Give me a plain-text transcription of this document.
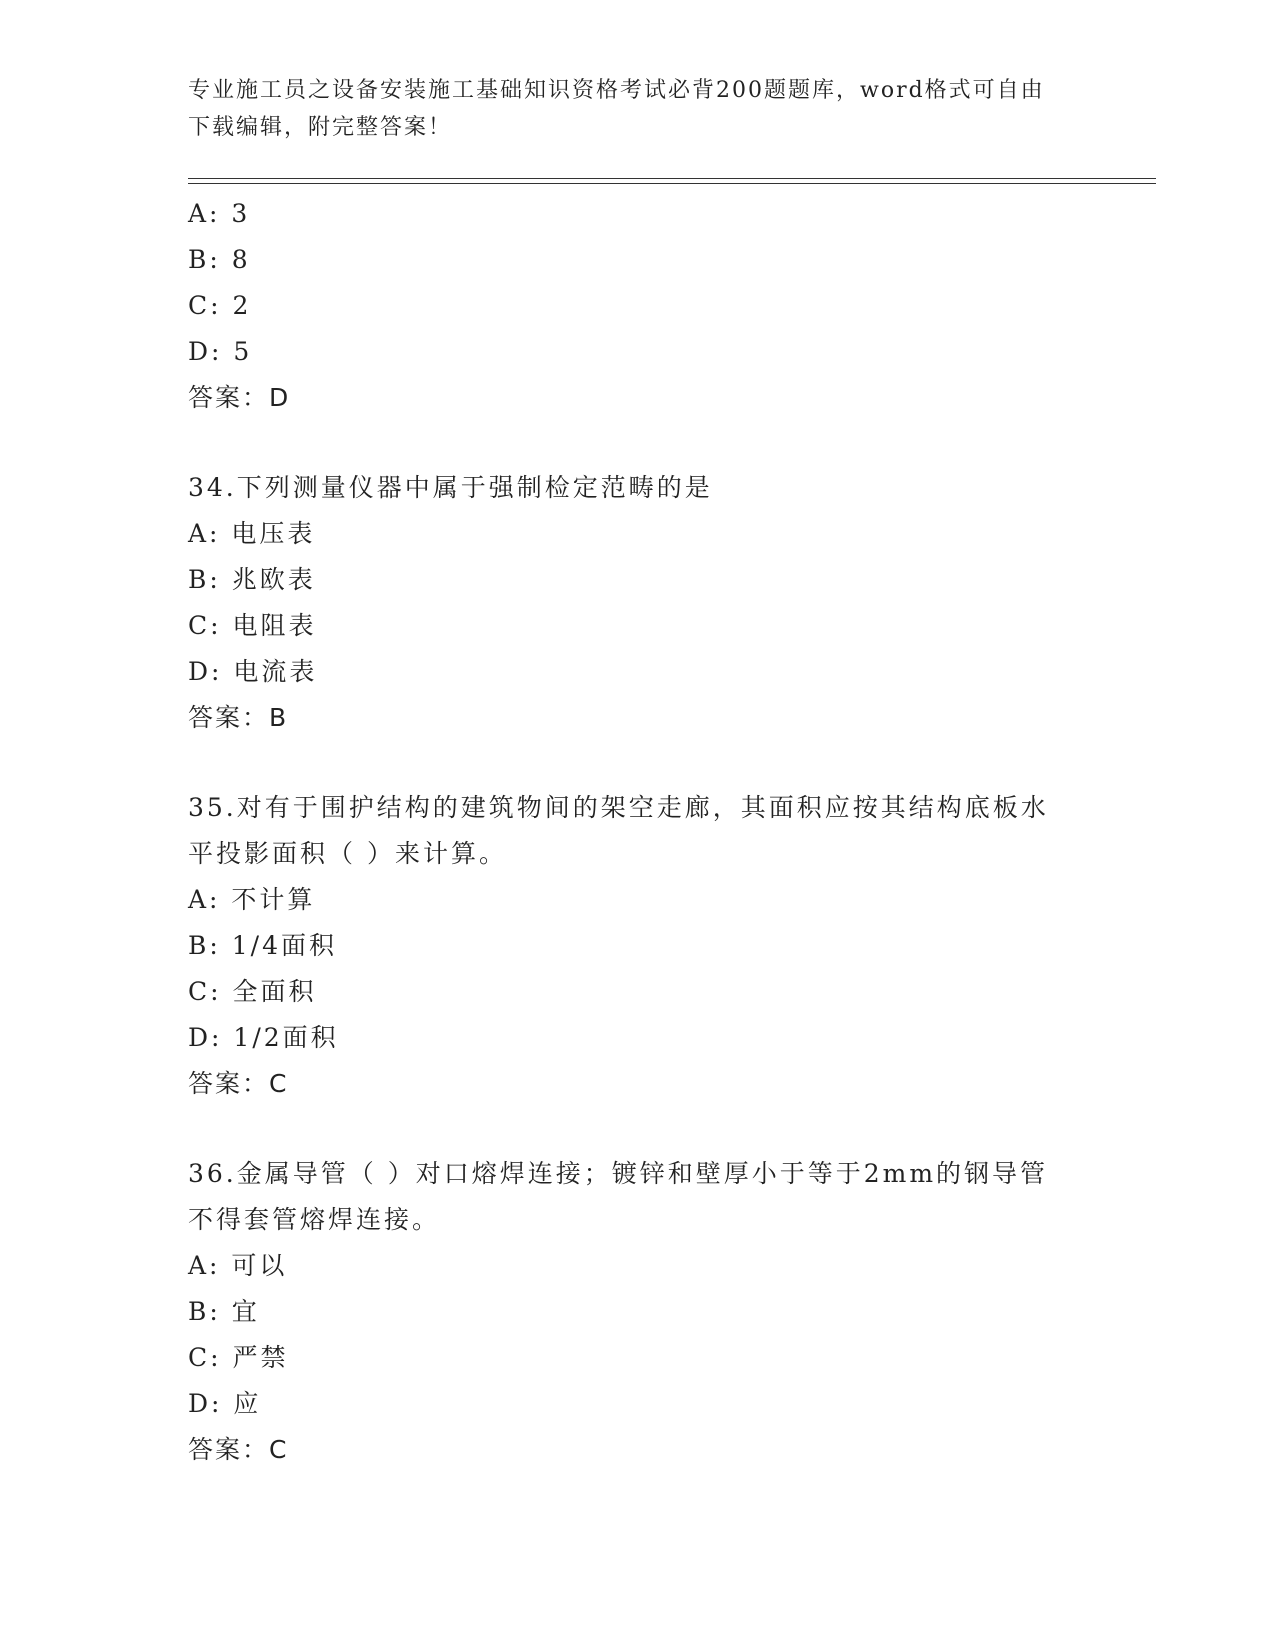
专业施工员之设备安装施工基础知识资格考试必背200题题库，word格式可自由
下载编辑，附完整答案！
A: 3
B: 8
C: 2
D: 5
答案：D
34.下列测量仪器中属于强制检定范畴的是
A: 电压表
B: 兆欧表
C: 电阻表
D: 电流表
答案：B
35.对有于围护结构的建筑物间的架空走廊，其面积应按其结构底板水
平投影面积（ ）来计算。
A: 不计算
B: 1/4面积
C: 全面积
D: 1/2面积
答案：C
36.金属导管（ ）对口熔焊连接；镀锌和壁厚小于等于2mm的钢导管
不得套管熔焊连接。
A: 可以
B: 宜
C: 严禁
D: 应
答案：C
